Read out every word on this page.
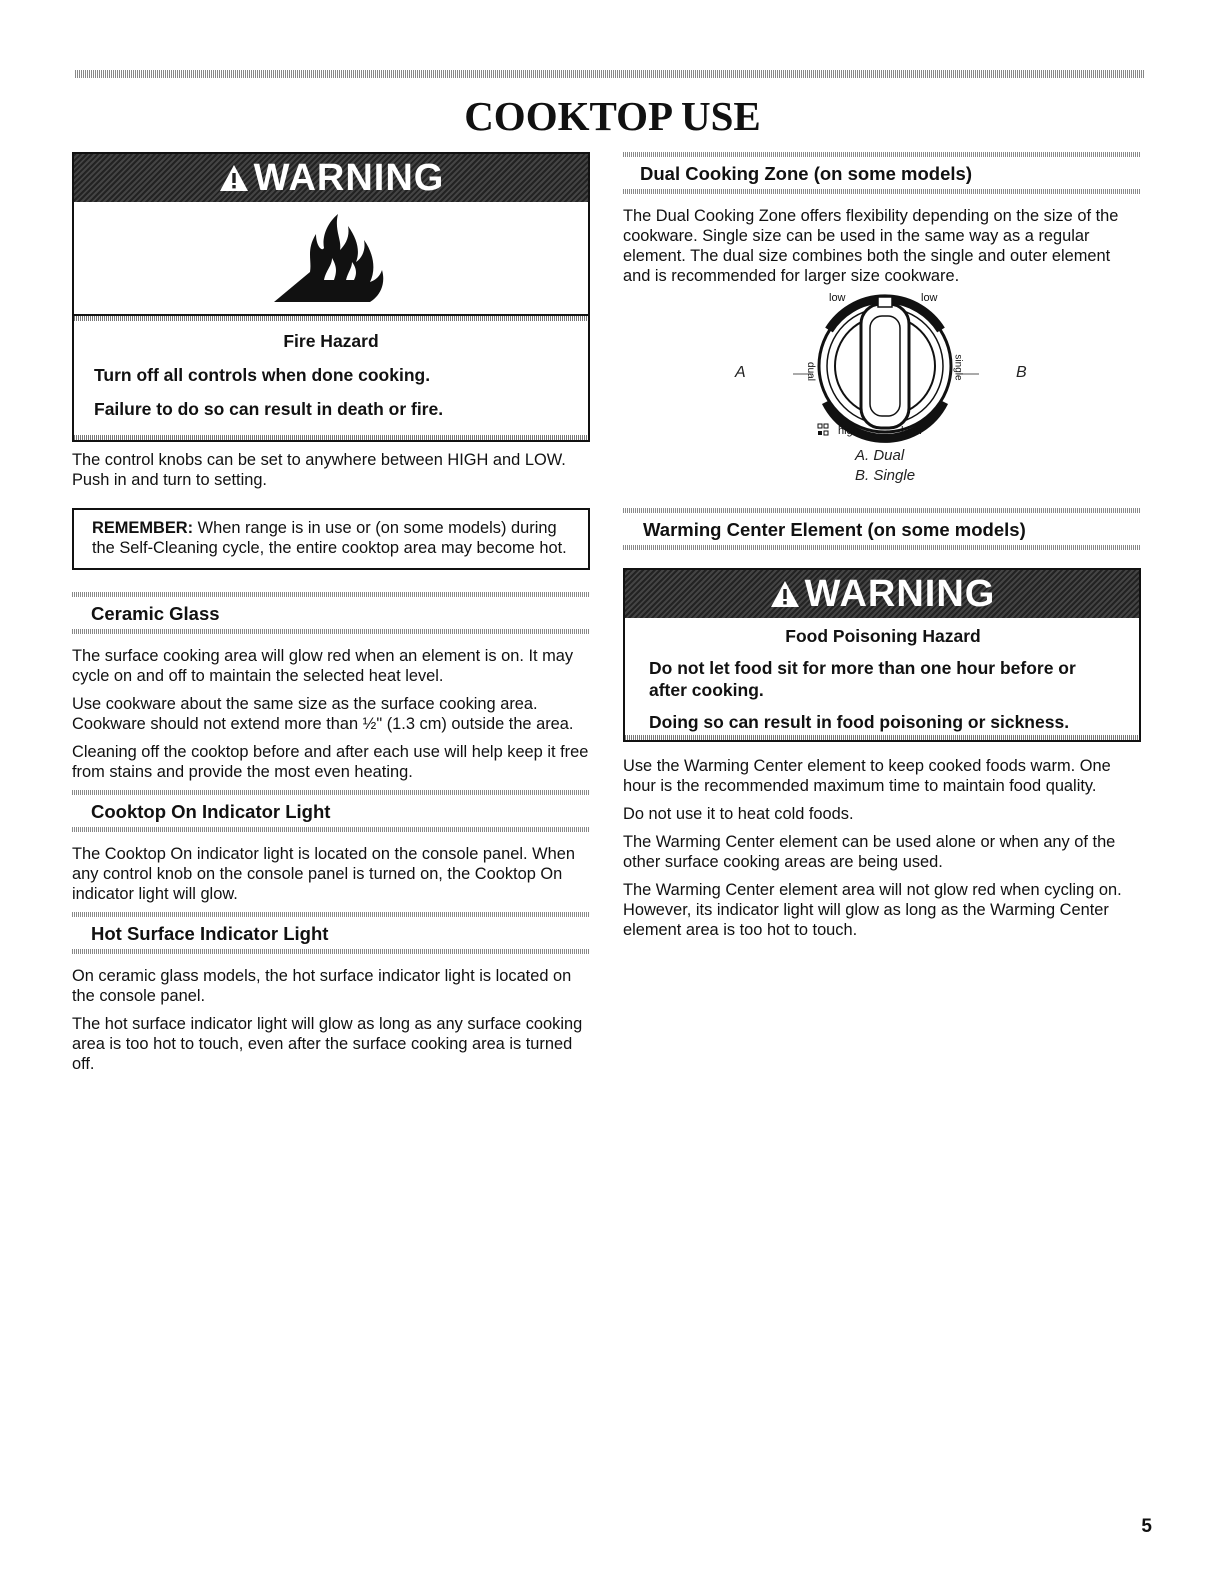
COOKTOP USE
WARNING
Fire Hazard
Turn off all controls when done cooking.
Failure to do so can result in death or fire.

The control knobs can be set to anywhere between HIGH and LOW. Push in and turn to setting.

REMEMBER: When range is in use or (on some models) during the Self-Cleaning cycle, the entire cooktop area may become hot.
Ceramic Glass

The surface cooking area will glow red when an element is on. It may cycle on and off to maintain the selected heat level.

Use cookware about the same size as the surface cooking area. Cookware should not extend more than ½" (1.3 cm) outside the area.

Cleaning off the cooktop before and after each use will help keep it free from stains and provide the most even heating.

Cooktop On Indicator Light

The Cooktop On indicator light is located on the console panel. When any control knob on the console panel is turned on, the Cooktop On indicator light will glow.

Hot Surface Indicator Light

On ceramic glass models, the hot surface indicator light is located on the console panel.

The hot surface indicator light will glow as long as any surface cooking area is too hot to touch, even after the surface cooking area is turned off.

Dual Cooking Zone (on some models)

The Dual Cooking Zone offers flexibility depending on the size of the cookware. Single size can be used in the same way as a regular element. The dual size combines both the single and outer element and is recommended for larger size cookware.

low	low
dual	single
high	high
A	B
A. Dual
B. Single
Warming Center Element (on some models)
WARNING
Food Poisoning Hazard
Do not let food sit for more than one hour before or after cooking.
Doing so can result in food poisoning or sickness.

Use the Warming Center element to keep cooked foods warm. One hour is the recommended maximum time to maintain food quality.

Do not use it to heat cold foods.

The Warming Center element can be used alone or when any of the other surface cooking areas are being used.

The Warming Center element area will not glow red when cycling on. However, its indicator light will glow as long as the Warming Center element area is too hot to touch.

5
